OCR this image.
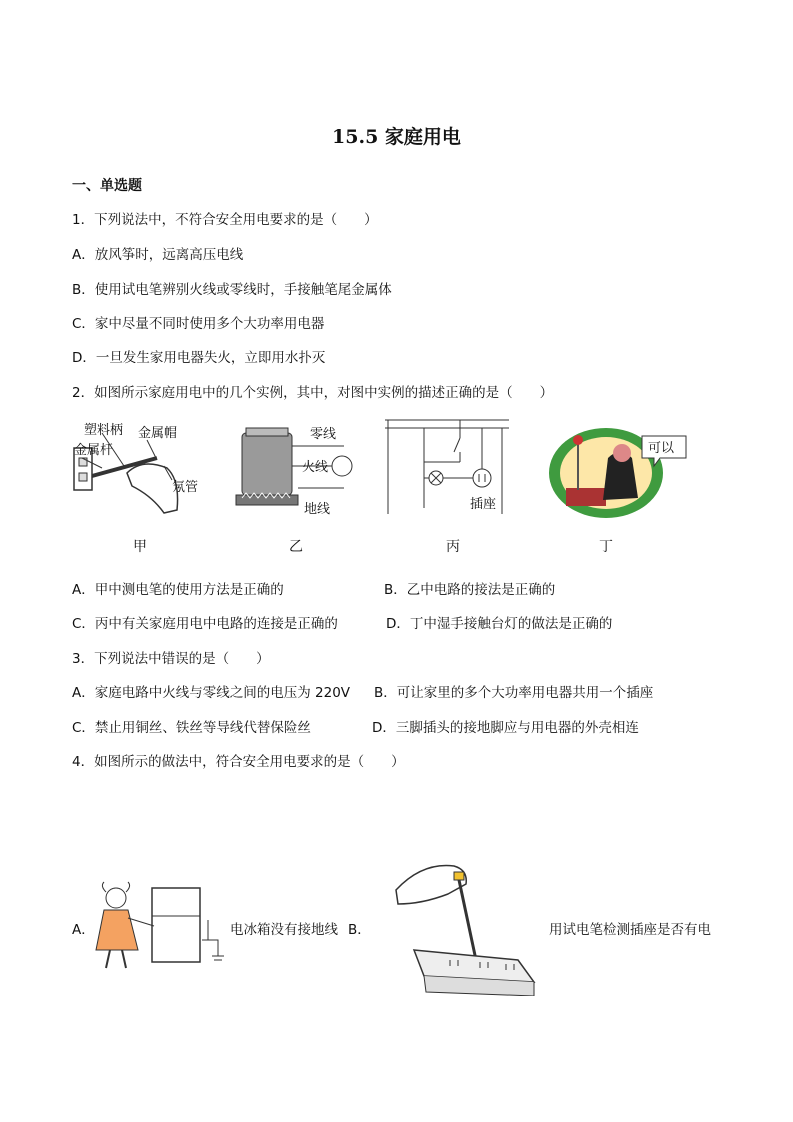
15.5 家庭用电
一、单选题
1．下列说法中，不符合安全用电要求的是（　　）
A．放风筝时，远离高压电线
B．使用试电笔辨别火线或零线时，手接触笔尾金属体
C．家中尽量不同时使用多个大功率用电器
D．一旦发生家用电器失火，立即用水扑灭
2．如图所示家庭用电中的几个实例，其中，对图中实例的描述正确的是（　　）
塑料柄 金属帽
金属杆
氖管
零线
火线
地线	插座
可以
甲	乙	丙	丁
A．甲中测电笔的使用方法是正确的	B．乙中电路的接法是正确的
C．丙中有关家庭用电中电路的连接是正确的	D．丁中湿手接触台灯的做法是正确的
3．下列说法中错误的是（　　）
A．家庭电路中火线与零线之间的电压为 220V B．可让家里的多个大功率用电器共用一个插座
C．禁止用铜丝、铁丝等导线代替保险丝	D．三脚插头的接地脚应与用电器的外壳相连
4．如图所示的做法中，符合安全用电要求的是（　　）
A．	电冰箱没有接地线 B．	用试电笔检测插座是否有电
